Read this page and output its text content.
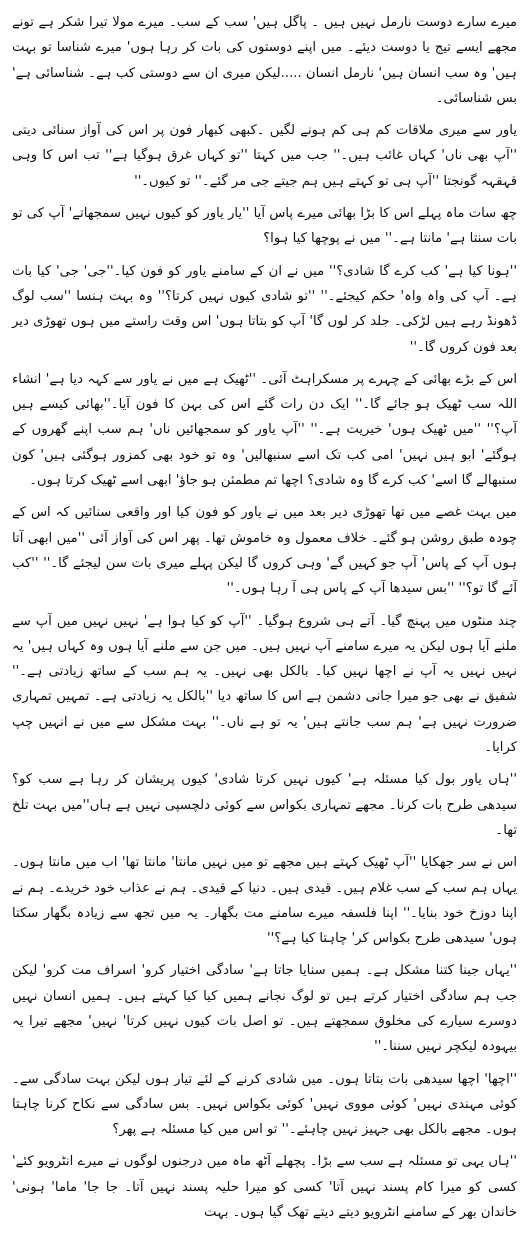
میرے سارے دوست نارمل نہیں ہیں ۔ پاگل ہیں' سب کے سب۔ میرے مولا تیرا شکر ہے تونے مجھے ایسے تیج یا دوست دیئے۔ میں اپنے دوستوں کی بات کر رہا ہوں' میرے شناسا تو بہت ہیں' وہ سب انسان ہیں' نارمل انسان .....لیکن میری ان سے دوستی کب ہے۔ شناسائی ہے' بس شناسائی۔

یاور سے میری ملاقات کم ہی کم ہونے لگیں ۔کبھی کبھار فون پر اس کی آواز سنائی دیتی ''آپ بھی ناں' کہاں غائب ہیں۔'' جب میں کہتا ''تو کہاں غرق ہوگیا ہے'' تب اس کا وہی قہقہہ گونجتا ''آپ ہی تو کہتے ہیں ہم جیتے جی مر گئے۔'' تو کیوں۔''

چھ سات ماہ پہلے اس کا بڑا بھائی میرے پاس آیا ''یار یاور کو کیوں نہیں سمجھاتے' آپ کی تو بات سنتا ہے' مانتا ہے۔'' میں نے پوچھا کیا ہوا؟

''ہونا کیا ہے' کب کرے گا شادی؟'' میں نے ان کے سامنے یاور کو فون کیا۔''جی' جی' کیا بات ہے۔ آپ کی واہ واہ' حکم کیجئے۔'' ''تو شادی کیوں نہیں کرتا؟'' وہ بہت ہنسا ''سب لوگ ڈھونڈ رہے ہیں لڑکی۔ جلد کر لوں گا' آپ کو بتاتا ہوں' اس وقت راستے میں ہوں تھوڑی دیر بعد فون کروں گا۔''

اس کے بڑے بھائی کے چہرے پر مسکراہٹ آئی۔ ''ٹھیک ہے میں نے یاور سے کہہ دیا ہے' انشاء اللہ سب ٹھیک ہو جائے گا۔'' ایک دن رات گئے اس کی بہن کا فون آیا۔''بھائی کیسے ہیں آپ؟'' ''میں ٹھیک ہوں' خیریت ہے۔'' ''آپ یاور کو سمجھائیں ناں' ہم سب اپنے گھروں کے ہوگئے' ابو ہیں نہیں' امی کب تک اسے سنبھالیں' وہ تو خود بھی کمزور ہوگئی ہیں' کون سنبھالے گا اسے' کب کرے گا وہ شادی؟ اچھا تم مطمئن ہو جاؤ' ابھی اسے ٹھیک کرتا ہوں۔

میں بہت غصے میں تھا تھوڑی دیر بعد میں نے یاور کو فون کیا اور واقعی سنائیں کہ اس کے چودہ طبق روشن ہو گئے۔ خلاف معمول وہ خاموش تھا۔ پھر اس کی آواز آئی ''میں ابھی آتا ہوں آپ کے پاس' آپ جو کہیں گے' وہی کروں گا لیکن پہلے میری بات سن لیجئے گا۔'' ''کب آئے گا تو؟'' ''بس سیدھا آپ کے پاس ہی آ رہا ہوں۔''

چند منٹوں میں پہنچ گیا۔ آتے ہی شروع ہوگیا۔ ''آپ کو کیا ہوا ہے' نہیں نہیں میں آپ سے ملنے آیا ہوں لیکن یہ میرے سامنے آپ نہیں ہیں۔ میں جن سے ملنے آیا ہوں وہ کہاں ہیں' یہ نہیں نہیں یہ آپ نے اچھا نہیں کیا۔ بالکل بھی نہیں۔ یہ ہم سب کے ساتھ زیادتی ہے۔'' شفیق نے بھی جو میرا جانی دشمن ہے اس کا ساتھ دیا ''بالکل یہ زیادتی ہے۔ تمہیں تمہاری ضرورت نہیں ہے' ہم سب جانتے ہیں' یہ تو ہے ناں۔'' بہت مشکل سے میں نے انہیں چپ کرایا۔

''ہاں یاور بول کیا مسئلہ ہے' کیوں نہیں کرتا شادی' کیوں پریشان کر رہا ہے سب کو؟ سیدھی طرح بات کرنا۔ مجھے تمہاری بکواس سے کوئی دلچسپی نہیں ہے ہاں''میں بہت تلخ تھا۔

اس نے سر جھکایا ''آپ ٹھیک کہتے ہیں مجھے تو میں نہیں مانتا' مانتا تھا' اب میں مانتا ہوں۔ یہاں ہم سب کے سب غلام ہیں۔ قیدی ہیں۔ دنیا کے قیدی۔ ہم نے عذاب خود خریدے۔ ہم نے اپنا دوزخ خود بنایا۔'' اپنا فلسفہ میرے سامنے مت بگھار۔ یہ میں تجھ سے زیادہ بگھار سکتا ہوں' سیدھی طرح بکواس کر' چاہتا کیا ہے؟''

''یہاں جینا کتنا مشکل ہے۔ ہمیں سنایا جاتا ہے' سادگی اختیار کرو' اسراف مت کرو' لیکن جب ہم سادگی اختیار کرتے ہیں تو لوگ نجانے ہمیں کیا کیا کہتے ہیں۔ ہمیں انسان نہیں دوسرے سیارے کی مخلوق سمجھتے ہیں۔ تو اصل بات کیوں نہیں کرتا' نہیں' مجھے تیرا یہ بیہودہ لیکچر نہیں سننا۔''

''اچھا' اچھا سیدھی بات بتاتا ہوں۔ میں شادی کرنے کے لئے تیار ہوں لیکن بہت سادگی سے۔ کوئی مہندی نہیں' کوئی مووی نہیں' کوئی بکواس نہیں۔ بس سادگی سے نکاح کرنا چاہتا ہوں۔ مجھے بالکل بھی جہیز نہیں چاہئے۔'' تو اس میں کیا مسئلہ ہے پھر؟

''ہاں یہی تو مسئلہ ہے سب سے بڑا۔ پچھلے آٹھ ماہ میں درجنوں لوگوں نے میرے انٹرویو کئے' کسی کو میرا کام پسند نہیں آتا' کسی کو میرا حلیہ پسند نہیں آتا۔ جا جا' ماما' ہونی' خاندان بھر کے سامنے انٹرویو دیتے دیتے تھک گیا ہوں۔ بہت
